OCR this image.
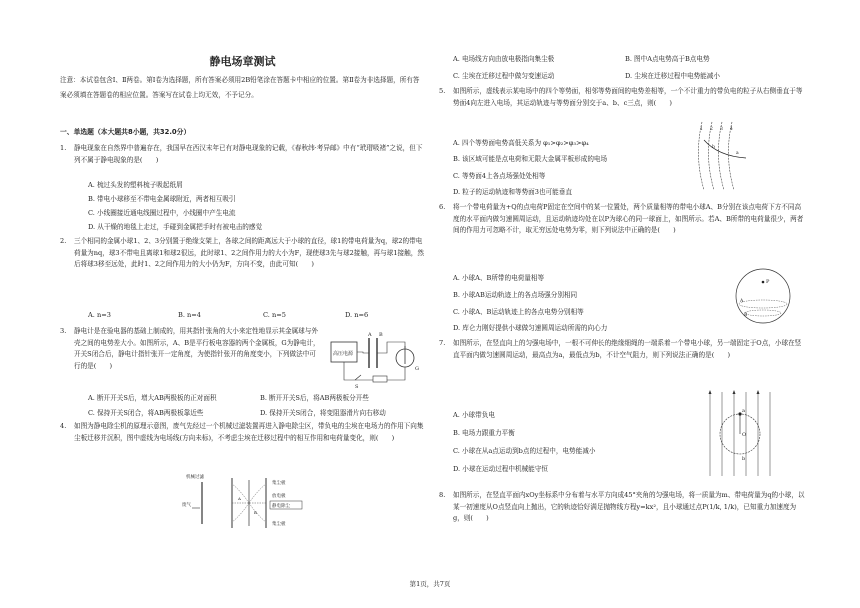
静电场章测试
注意：本试卷包含Ⅰ、Ⅱ两卷。第Ⅰ卷为选择题，所有答案必须用2B铅笔涂在答题卡中相应的位置。第Ⅱ卷为非选择题，所有答案必须填在答题卷的相应位置。答案写在试卷上均无效，不予记分。
一、单选题（本大题共8小题，共32.0分）
1. 静电现象在自然界中普遍存在，我国早在西汉末年已有对静电现象的记载，《春秋纬·考异邮》中有“玳瑁吸褚”之说，但下列不属于静电现象的是(　　)
A. 梳过头发的塑料梳子吸起纸屑
B. 带电小球移至不带电金属球附近，两者相互吸引
C. 小线圈接近通电线圈过程中，小线圈中产生电流
D. 从干燥的地毯上走过，手碰到金属把手时有被电击的感觉
2. 三个相同的金属小球1、2、3分别置于绝缘支架上，各球之间的距离远大于小球的直径，球1的带电荷量为q，球2的带电荷量为nq，球3不带电且离球1和球2很远，此时球1、2之间作用力的大小为F，现使球3先与球2接触，再与球1接触，然后将球3移至远处，此时1、2之间作用力的大小仍为F，方向不变，由此可知(　　)
A. n=3	B. n=4	C. n=5	D. n=6
3. 静电计是在验电器的基础上制成的，用其指针张角的大小来定性地显示其金属球与外壳之间的电势差大小。如图所示，A、B是平行板电容器的两个金属板，G为静电计，开关S闭合后，静电计指针张开一定角度，为使指针张开的角度变小，下列做法中可行的是(　　)
高压电源
A B
G
S
A. 断开开关S后，增大AB两极板的正对面积	B. 断开开关S后，将AB两极板分开些
C. 保持开关S闭合，将AB两极板靠近些	D. 保持开关S闭合，将变阻器滑片向右移动
4. 如图为静电除尘机的原理示意图，废气先经过一个机械过滤装置再进入静电除尘区，带负电的尘埃在电场力的作用下向集尘板迁移并沉积，图中虚线为电场线(方向未标)，不考虑尘埃在迁移过程中的相互作用和电荷量变化，则(　　)
机械过滤
废气
集尘板
放电极
静电除尘
集尘板
A
B
A. 电场线方向由放电极指向集尘极	B. 图中A点电势高于B点电势
C. 尘埃在迁移过程中做匀变速运动	D. 尘埃在迁移过程中电势能减小
5. 如图所示，虚线表示某电场中的四个等势面，相邻等势面间的电势差相等，一个不计重力的带负电的粒子从右侧垂直于等势面4向左进入电场，其运动轨迹与等势面分别交于a、b、c三点，则(　　)
1 2 3 4
a
b
A. 四个等势面电势高低关系为 φ₁>φ₂>φ₃>φ₄
B. 该区域可能是点电荷和无限大金属平板形成的电场
C. 等势面4上各点场强处处相等
D. 粒子的运动轨迹和等势面3也可能垂直
6. 将一个带电荷量为+Q的点电荷P固定在空间中的某一位置处，两个质量相等的带电小球A、B分别在该点电荷下方不同高度的水平面内做匀速圆周运动，且运动轨迹均处在以P为球心的同一球面上，如图所示。若A、B所带的电荷量很少，两者间的作用力可忽略不计，取无穷远处电势为零，则下列说法中正确的是(　　)
P
A
B
A. 小球A、B所带的电荷量相等
B. 小球AB运动轨迹上的各点场强分别相同
C. 小球A、B运动轨迹上的各点电势分别相等
D. 库仑力刚好提供小球做匀速圆周运动所需的向心力
7. 如图所示，在竖直向上的匀强电场中，一根不可伸长的绝缘细绳的一端系着一个带电小球，另一端固定于O点，小球在竖直平面内做匀速圆周运动，最高点为a，最低点为b，不计空气阻力，则下列说法正确的是(　　)
O
a
b
A. 小球带负电
B. 电场力跟重力平衡
C. 小球在从a点运动到b点的过程中，电势能减小
D. 小球在运动过程中机械能守恒
8. 如图所示，在竖直平面内xOy坐标系中分布着与水平方向成45°夹角的匀强电场，将一质量为m、带电荷量为q的小球，以某一初速度从O点竖直向上抛出，它的轨迹恰好满足抛物线方程y=kx²，且小球通过点P(1/k, 1/k)，已知重力加速度为g，则(　　)
第1页，共7页
